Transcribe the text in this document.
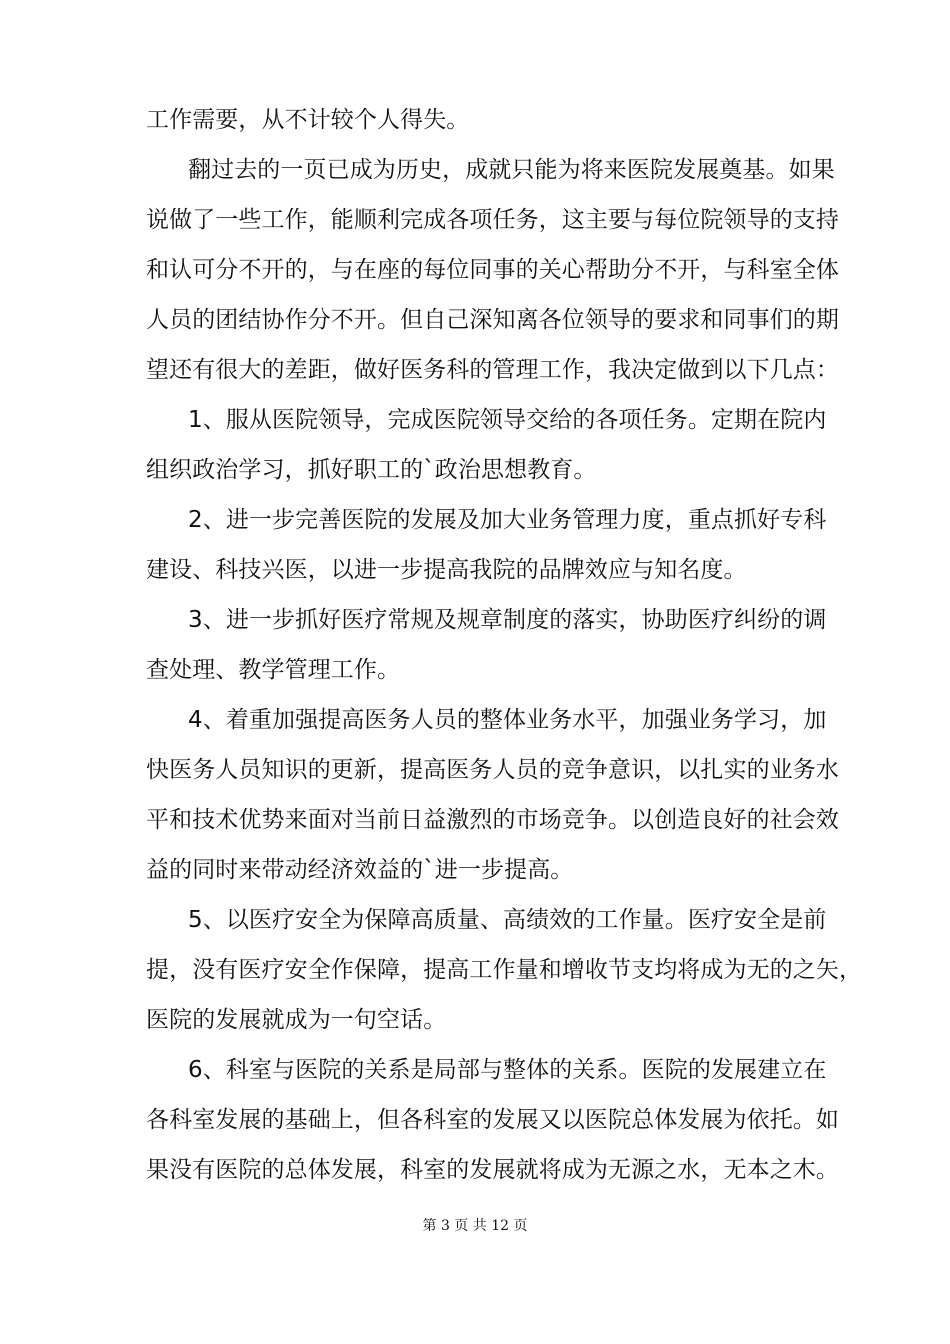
工作需要，从不计较个人得失。
翻过去的一页已成为历史，成就只能为将来医院发展奠基。如果
说做了一些工作，能顺利完成各项任务，这主要与每位院领导的支持
和认可分不开的，与在座的每位同事的关心帮助分不开，与科室全体
人员的团结协作分不开。但自己深知离各位领导的要求和同事们的期
望还有很大的差距，做好医务科的管理工作，我决定做到以下几点：
1、服从医院领导，完成医院领导交给的各项任务。定期在院内
组织政治学习，抓好职工的`政治思想教育。
2、进一步完善医院的发展及加大业务管理力度，重点抓好专科
建设、科技兴医，以进一步提高我院的品牌效应与知名度。
3、进一步抓好医疗常规及规章制度的落实，协助医疗纠纷的调
查处理、教学管理工作。
4、着重加强提高医务人员的整体业务水平，加强业务学习，加
快医务人员知识的更新，提高医务人员的竞争意识，以扎实的业务水
平和技术优势来面对当前日益激烈的市场竞争。以创造良好的社会效
益的同时来带动经济效益的`进一步提高。
5、以医疗安全为保障高质量、高绩效的工作量。医疗安全是前
提，没有医疗安全作保障，提高工作量和增收节支均将成为无的之矢，
医院的发展就成为一句空话。
6、科室与医院的关系是局部与整体的关系。医院的发展建立在
各科室发展的基础上，但各科室的发展又以医院总体发展为依托。如
果没有医院的总体发展，科室的发展就将成为无源之水，无本之木。
第 3 页 共 12 页
